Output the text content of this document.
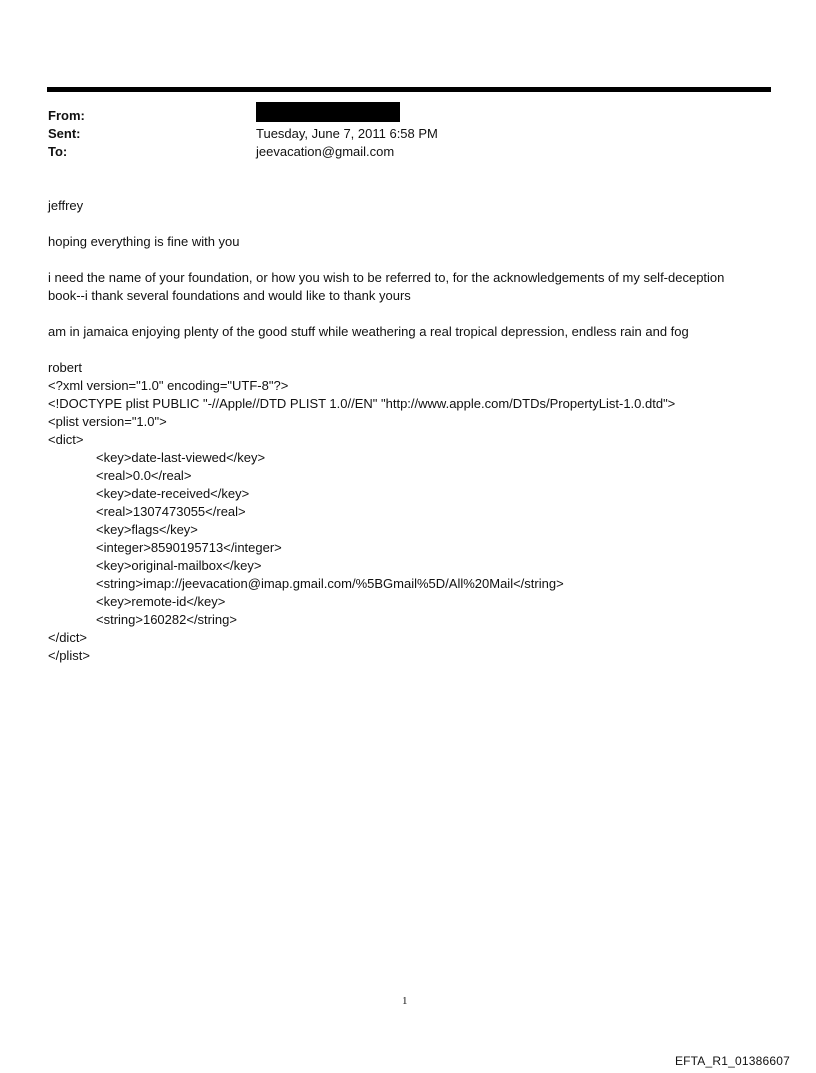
From:
Sent:	Tuesday, June 7, 2011 6:58 PM
To:	jeevacation@gmail.com
jeffrey
hoping everything is fine with you
i need the name of your foundation, or how you wish to be referred to, for the acknowledgements of my self-deception
book--i thank several foundations and would like to thank yours
am in jamaica enjoying plenty of the good stuff while weathering a real tropical depression, endless rain and fog
robert
<?xml version="1.0" encoding="UTF-8"?>
<!DOCTYPE plist PUBLIC "-//Apple//DTD PLIST 1.0//EN" "http://www.apple.com/DTDs/PropertyList-1.0.dtd">
<plist version="1.0">
<dict>
<key>date-last-viewed</key>
<real>0.0</real>
<key>date-received</key>
<real>1307473055</real>
<key>flags</key>
<integer>8590195713</integer>
<key>original-mailbox</key>
<string>imap://jeevacation@imap.gmail.com/%5BGmail%5D/All%20Mail</string>
<key>remote-id</key>
<string>160282</string>
</dict>
</plist>
1
EFTA_R1_01386607
